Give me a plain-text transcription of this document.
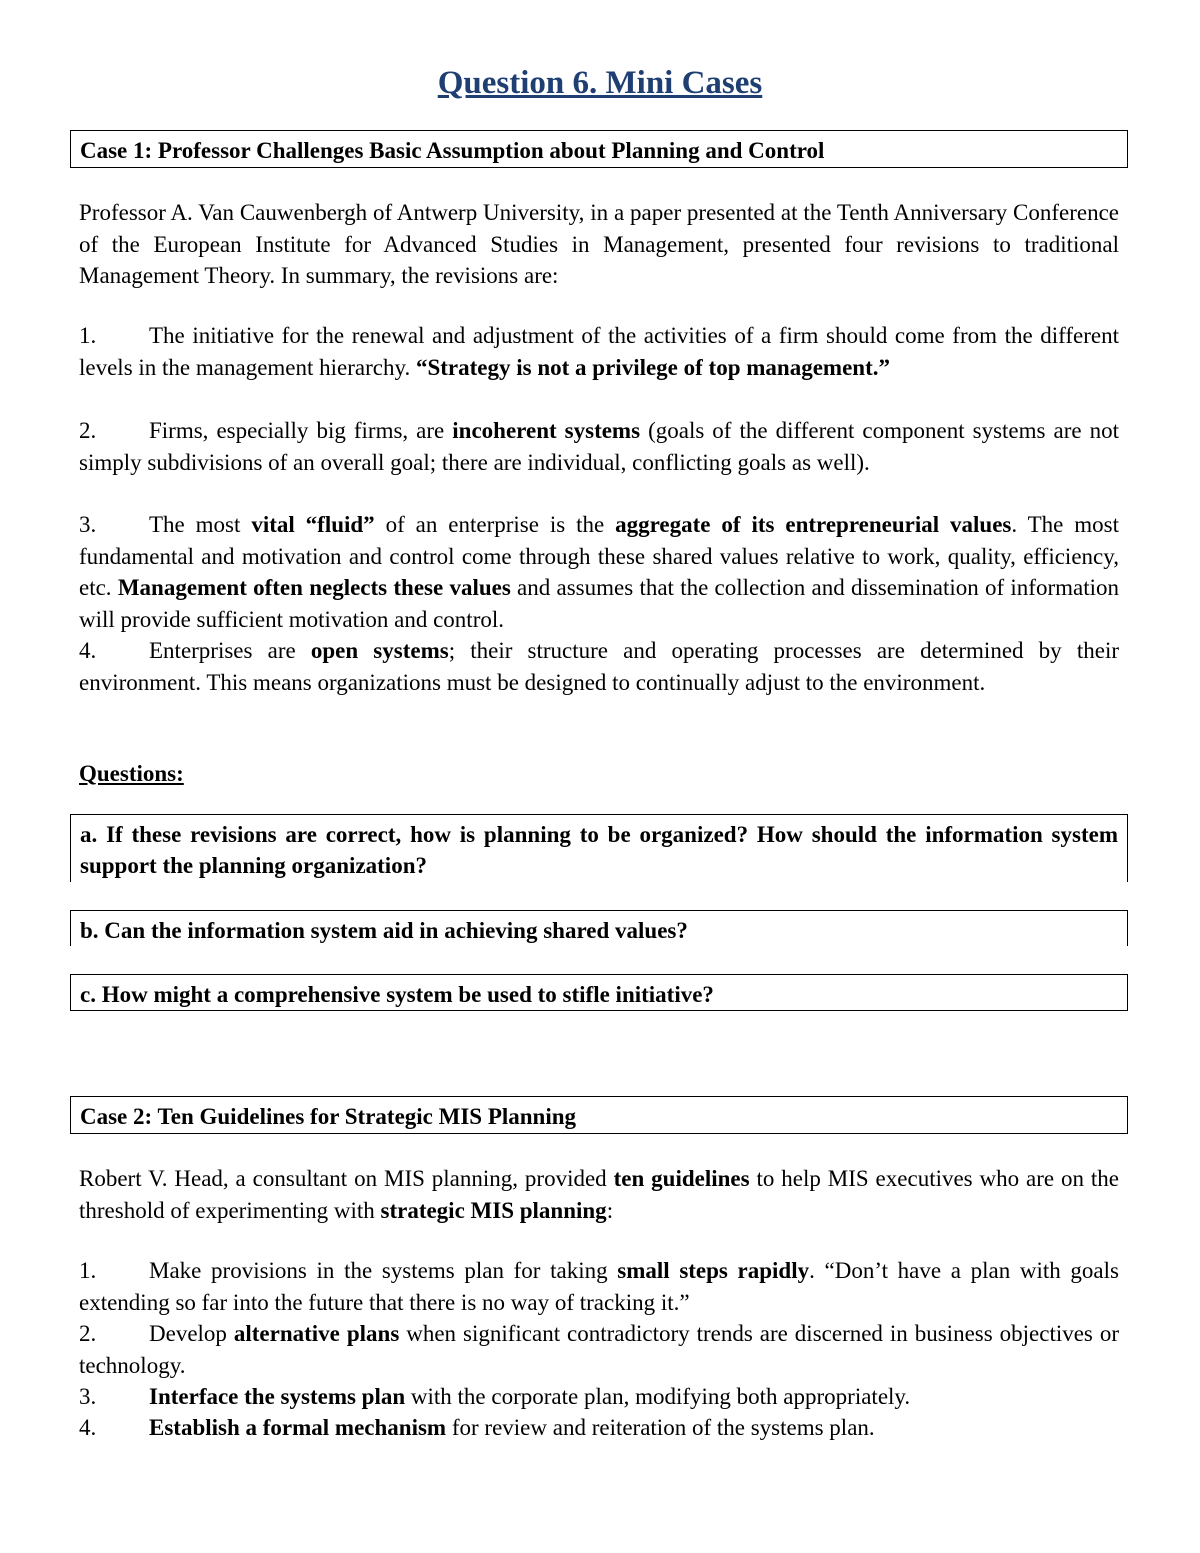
Question 6. Mini Cases
Case 1: Professor Challenges Basic Assumption about Planning and Control
Professor A. Van Cauwenbergh of Antwerp University, in a paper presented at the Tenth Anniversary Conference of the European Institute for Advanced Studies in Management, presented four revisions to traditional Management Theory. In summary, the revisions are:
1. The initiative for the renewal and adjustment of the activities of a firm should come from the different levels in the management hierarchy. “Strategy is not a privilege of top management.”
2. Firms, especially big firms, are incoherent systems (goals of the different component systems are not simply subdivisions of an overall goal; there are individual, conflicting goals as well).
3. The most vital “fluid” of an enterprise is the aggregate of its entrepreneurial values. The most fundamental and motivation and control come through these shared values relative to work, quality, efficiency, etc. Management often neglects these values and assumes that the collection and dissemination of information will provide sufficient motivation and control.
4. Enterprises are open systems; their structure and operating processes are determined by their environment. This means organizations must be designed to continually adjust to the environment.
Questions:
a. If these revisions are correct, how is planning to be organized? How should the information system support the planning organization?
b. Can the information system aid in achieving shared values?
c. How might a comprehensive system be used to stifle initiative?
Case 2: Ten Guidelines for Strategic MIS Planning
Robert V. Head, a consultant on MIS planning, provided ten guidelines to help MIS executives who are on the threshold of experimenting with strategic MIS planning:
1. Make provisions in the systems plan for taking small steps rapidly. “Don’t have a plan with goals extending so far into the future that there is no way of tracking it.”
2. Develop alternative plans when significant contradictory trends are discerned in business objectives or technology.
3. Interface the systems plan with the corporate plan, modifying both appropriately.
4. Establish a formal mechanism for review and reiteration of the systems plan.
